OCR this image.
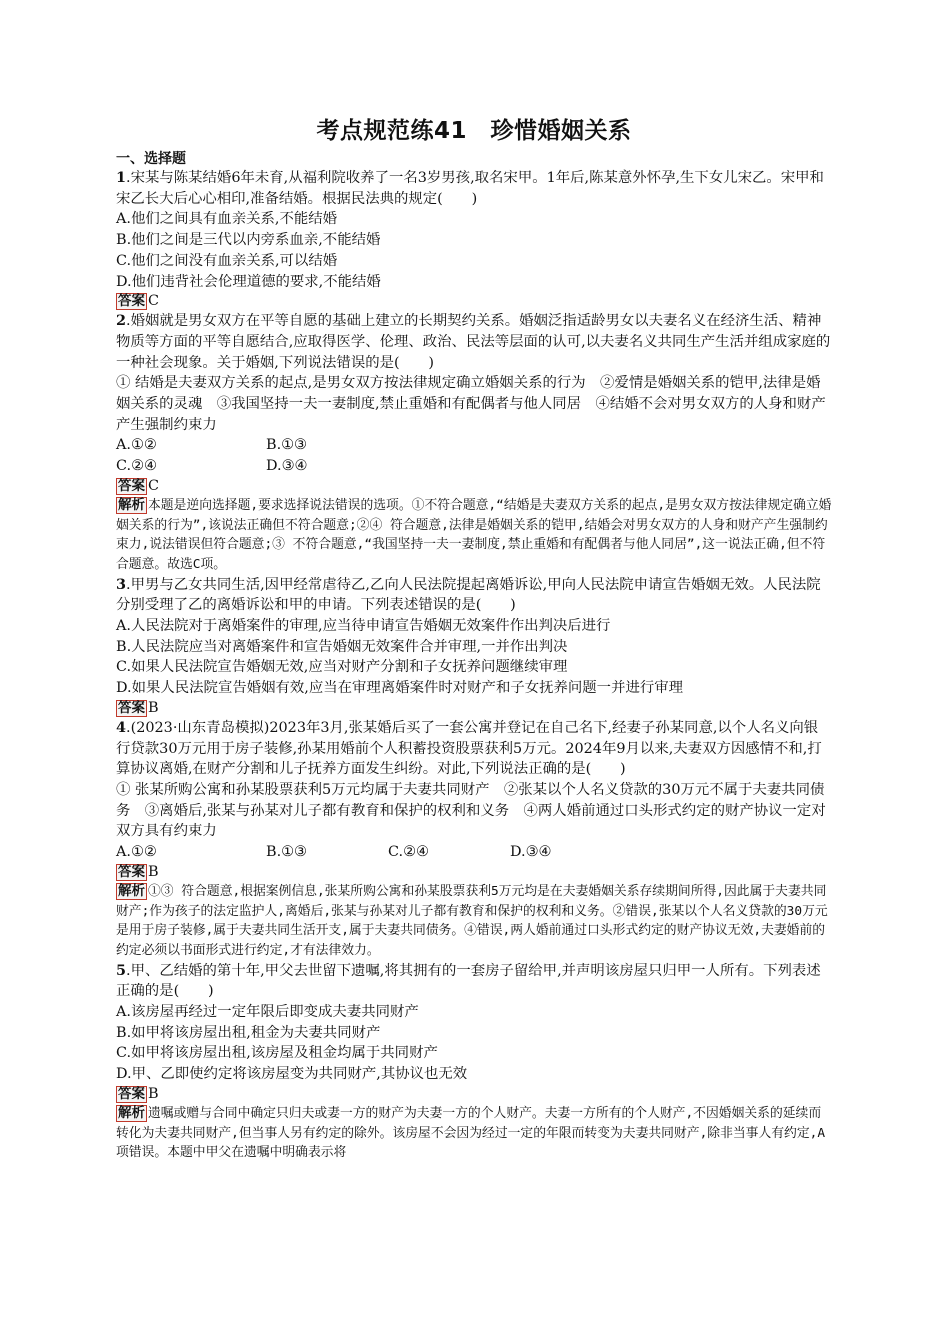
考点规范练41　珍惜婚姻关系
一、选择题
1.宋某与陈某结婚6年未育,从福利院收养了一名3岁男孩,取名宋甲。1年后,陈某意外怀孕,生下女儿宋乙。宋甲和宋乙长大后心心相印,准备结婚。根据民法典的规定(　　)
A.他们之间具有血亲关系,不能结婚
B.他们之间是三代以内旁系血亲,不能结婚
C.他们之间没有血亲关系,可以结婚
D.他们违背社会伦理道德的要求,不能结婚
答案 C
2.婚姻就是男女双方在平等自愿的基础上建立的长期契约关系。婚姻泛指适龄男女以夫妻名义在经济生活、精神物质等方面的平等自愿结合,应取得医学、伦理、政治、民法等层面的认可,以夫妻名义共同生产生活并组成家庭的一种社会现象。关于婚姻,下列说法错误的是(　　)
① 结婚是夫妻双方关系的起点,是男女双方按法律规定确立婚姻关系的行为　②爱情是婚姻关系的铠甲,法律是婚姻关系的灵魂　③我国坚持一夫一妻制度,禁止重婚和有配偶者与他人同居　④结婚不会对男女双方的人身和财产产生强制约束力
A.①②	B.①③
C.②④	D.③④
答案 C
解析 本题是逆向选择题,要求选择说法错误的选项。①不符合题意,“结婚是夫妻双方关系的起点,是男女双方按法律规定确立婚姻关系的行为”,该说法正确但不符合题意;②④ 符合题意,法律是婚姻关系的铠甲,结婚会对男女双方的人身和财产产生强制约束力,说法错误但符合题意;③ 不符合题意,“我国坚持一夫一妻制度,禁止重婚和有配偶者与他人同居”,这一说法正确,但不符合题意。故选C项。
3.甲男与乙女共同生活,因甲经常虐待乙,乙向人民法院提起离婚诉讼,甲向人民法院申请宣告婚姻无效。人民法院分别受理了乙的离婚诉讼和甲的申请。下列表述错误的是(　　)
A.人民法院对于离婚案件的审理,应当待申请宣告婚姻无效案件作出判决后进行
B.人民法院应当对离婚案件和宣告婚姻无效案件合并审理,一并作出判决
C.如果人民法院宣告婚姻无效,应当对财产分割和子女抚养问题继续审理
D.如果人民法院宣告婚姻有效,应当在审理离婚案件时对财产和子女抚养问题一并进行审理
答案 B
4.(2023·山东青岛模拟)2023年3月,张某婚后买了一套公寓并登记在自己名下,经妻子孙某同意,以个人名义向银行贷款30万元用于房子装修,孙某用婚前个人积蓄投资股票获利5万元。2024年9月以来,夫妻双方因感情不和,打算协议离婚,在财产分割和儿子抚养方面发生纠纷。对此,下列说法正确的是(　　)
① 张某所购公寓和孙某股票获利5万元均属于夫妻共同财产　②张某以个人名义贷款的30万元不属于夫妻共同债务　③离婚后,张某与孙某对儿子都有教育和保护的权利和义务　④两人婚前通过口头形式约定的财产协议一定对双方具有约束力
A.①②	B.①③	C.②④	D.③④
答案 B
解析 ①③ 符合题意,根据案例信息,张某所购公寓和孙某股票获利5万元均是在夫妻婚姻关系存续期间所得,因此属于夫妻共同财产;作为孩子的法定监护人,离婚后,张某与孙某对儿子都有教育和保护的权利和义务。②错误,张某以个人名义贷款的30万元是用于房子装修,属于夫妻共同生活开支,属于夫妻共同债务。④错误,两人婚前通过口头形式约定的财产协议无效,夫妻婚前的约定必须以书面形式进行约定,才有法律效力。
5.甲、乙结婚的第十年,甲父去世留下遗嘱,将其拥有的一套房子留给甲,并声明该房屋只归甲一人所有。下列表述正确的是(　　)
A.该房屋再经过一定年限后即变成夫妻共同财产
B.如甲将该房屋出租,租金为夫妻共同财产
C.如甲将该房屋出租,该房屋及租金均属于共同财产
D.甲、乙即使约定将该房屋变为共同财产,其协议也无效
答案 B
解析 遗嘱或赠与合同中确定只归夫或妻一方的财产为夫妻一方的个人财产。夫妻一方所有的个人财产,不因婚姻关系的延续而转化为夫妻共同财产,但当事人另有约定的除外。该房屋不会因为经过一定的年限而转变为夫妻共同财产,除非当事人有约定,A项错误。本题中甲父在遗嘱中明确表示将
